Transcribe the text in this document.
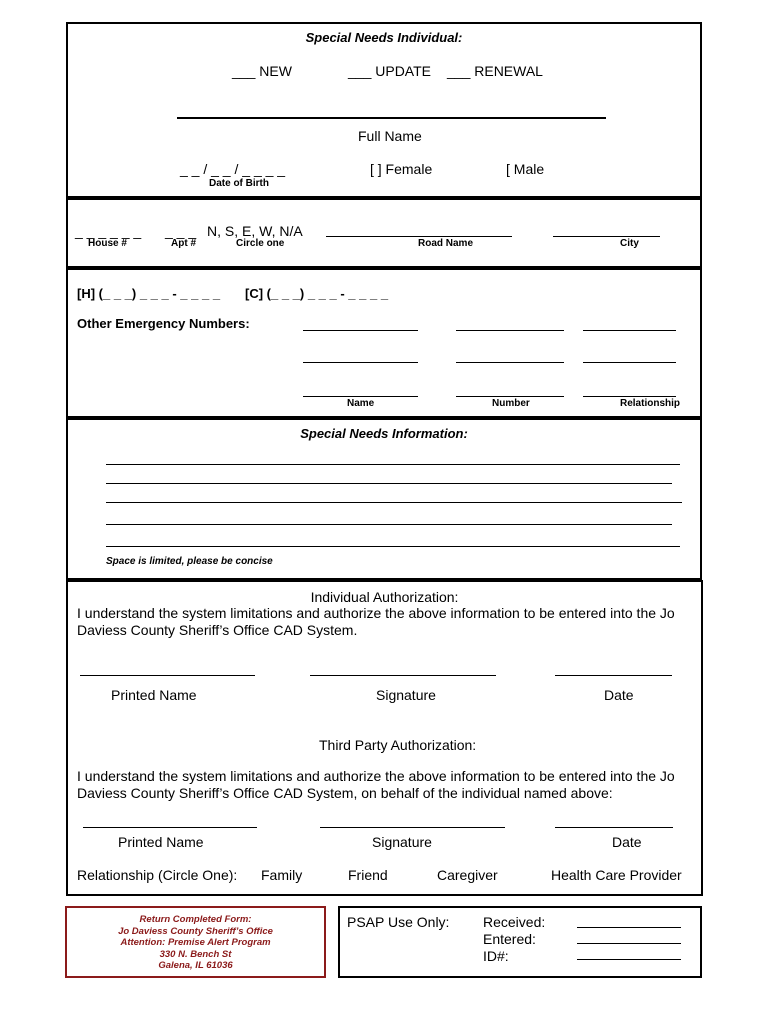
Special Needs Individual:
___ NEW	___ UPDATE ___ RENEWAL
Full Name
_ _ / _ _ / _ _ _ _
Date of Birth
[ ] Female	[ Male
_ _ _ _ _ _ _ _ _ N, S, E, W, N/A
House #	Apt #	Circle one	Road Name	City
[H] (_ _ _) _ _ _ - _ _ _ _ [C] (_ _ _) _ _ _ - _ _ _ _
Other Emergency Numbers:
Name	Number	Relationship
Special Needs Information:
Space is limited, please be concise
Individual Authorization:
I understand the system limitations and authorize the above information to be entered into the Jo Daviess County Sheriff’s Office CAD System.
Printed Name	Signature	Date
Third Party Authorization:
I understand the system limitations and authorize the above information to be entered into the Jo Daviess County Sheriff’s Office CAD System, on behalf of the individual named above:
Printed Name	Signature	Date
Relationship (Circle One): Family	Friend	Caregiver	Health Care Provider
Return Completed Form:
Jo Daviess County Sheriff’s Office
Attention: Premise Alert Program
330 N. Bench St
Galena, IL 61036
PSAP Use Only: Received:
Entered:
ID#:
